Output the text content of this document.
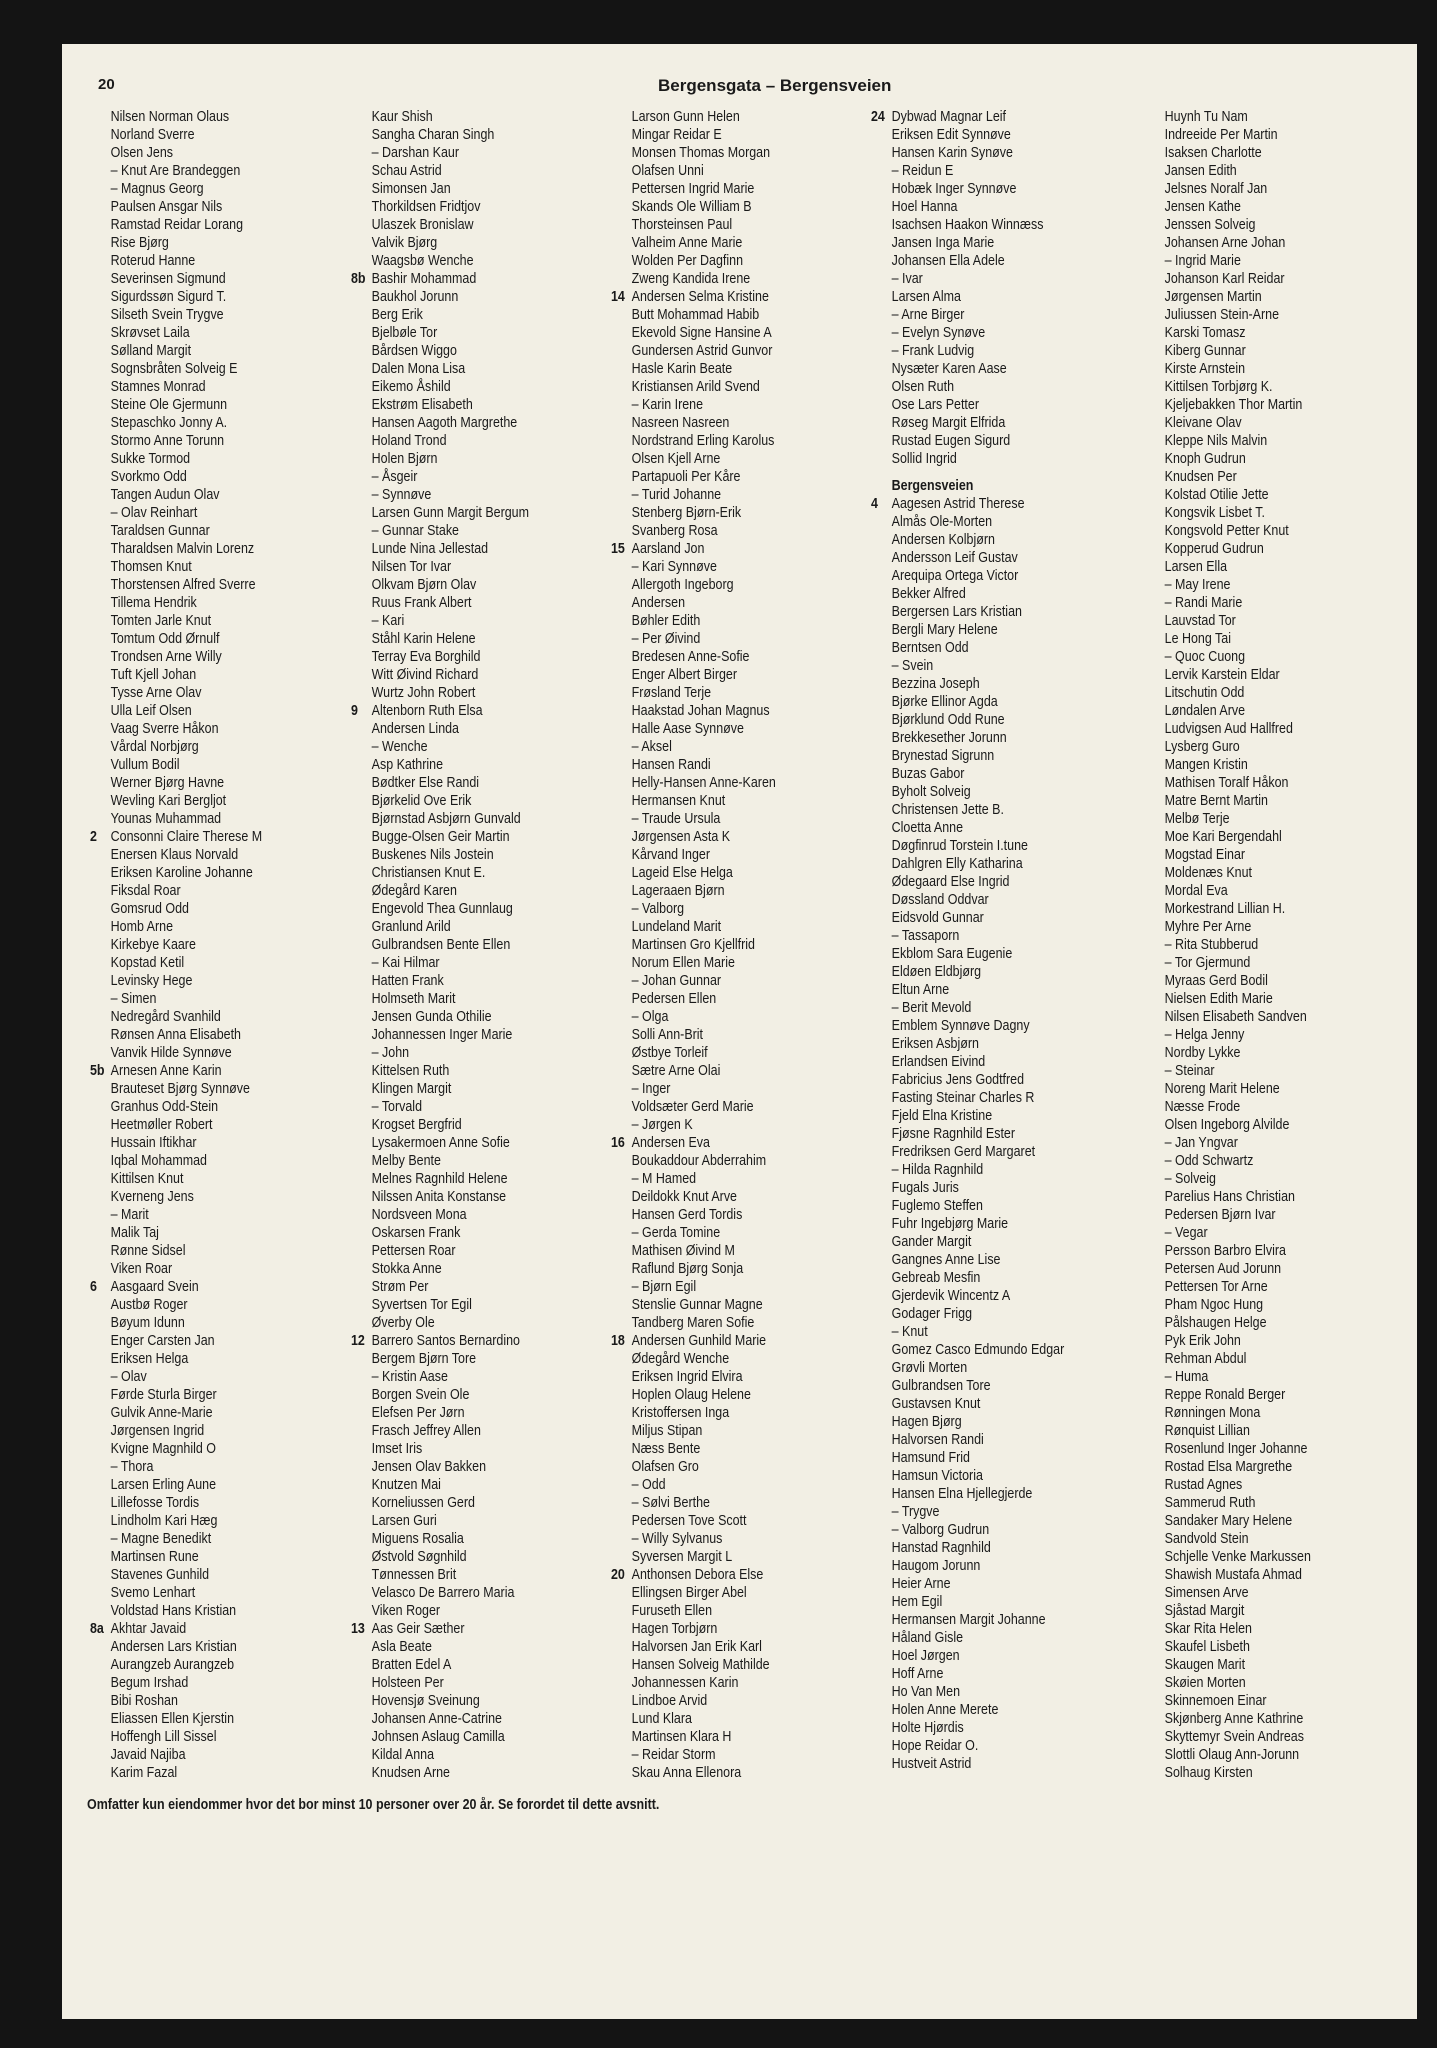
20	Bergensgata – Bergensveien
Nilsen Norman Olaus
Norland Sverre
Olsen Jens
– Knut Are Brandeggen
– Magnus Georg
Paulsen Ansgar Nils
Ramstad Reidar Lorang
Rise Bjørg
Roterud Hanne
Severinsen Sigmund
Sigurdssøn Sigurd T.
Silseth Svein Trygve
Skrøvset Laila
Sølland Margit
Sognsbråten Solveig E
Stamnes Monrad
Steine Ole Gjermunn
Stepaschko Jonny A.
Stormo Anne Torunn
Sukke Tormod
Svorkmo Odd
Tangen Audun Olav
– Olav Reinhart
Taraldsen Gunnar
Tharaldsen Malvin Lorenz
Thomsen Knut
Thorstensen Alfred Sverre
Tillema Hendrik
Tomten Jarle Knut
Tomtum Odd Ørnulf
Trondsen Arne Willy
Tuft Kjell Johan
Tysse Arne Olav
Ulla Leif Olsen
Vaag Sverre Håkon
Vårdal Norbjørg
Vullum Bodil
Werner Bjørg Havne
Wevling Kari Bergljot
Younas Muhammad
2 Consonni Claire Therese M
Enersen Klaus Norvald
Eriksen Karoline Johanne
Fiksdal Roar
Gomsrud Odd
Homb Arne
Kirkebye Kaare
Kopstad Ketil
Levinsky Hege
– Simen
Nedregård Svanhild
Rønsen Anna Elisabeth
Vanvik Hilde Synnøve
5b Arnesen Anne Karin
Brauteset Bjørg Synnøve
Granhus Odd-Stein
Heetmøller Robert
Hussain Iftikhar
Iqbal Mohammad
Kittilsen Knut
Kverneng Jens
– Marit
Malik Taj
Rønne Sidsel
Viken Roar
6 Aasgaard Svein
Austbø Roger
Bøyum Idunn
Enger Carsten Jan
Eriksen Helga
– Olav
Førde Sturla Birger
Gulvik Anne-Marie
Jørgensen Ingrid
Kvigne Magnhild O
– Thora
Larsen Erling Aune
Lillefosse Tordis
Lindholm Kari Hæg
– Magne Benedikt
Martinsen Rune
Stavenes Gunhild
Svemo Lenhart
Voldstad Hans Kristian
8a Akhtar Javaid
Andersen Lars Kristian
Aurangzeb Aurangzeb
Begum Irshad
Bibi Roshan
Eliassen Ellen Kjerstin
Hoffengh Lill Sissel
Javaid Najiba
Karim Fazal
Kaur Shish
Sangha Charan Singh
– Darshan Kaur
Schau Astrid
Simonsen Jan
Thorkildsen Fridtjov
Ulaszek Bronislaw
Valvik Bjørg
Waagsbø Wenche
8b Bashir Mohammad
Baukhol Jorunn
Berg Erik
Bjelbøle Tor
Bårdsen Wiggo
Dalen Mona Lisa
Eikemo Åshild
Ekstrøm Elisabeth
Hansen Aagoth Margrethe
Holand Trond
Holen Bjørn
– Åsgeir
– Synnøve
Larsen Gunn Margit Bergum
– Gunnar Stake
Lunde Nina Jellestad
Nilsen Tor Ivar
Olkvam Bjørn Olav
Ruus Frank Albert
– Kari
Ståhl Karin Helene
Terray Eva Borghild
Witt Øivind Richard
Wurtz John Robert
9 Altenborn Ruth Elsa
Andersen Linda
– Wenche
Asp Kathrine
Bødtker Else Randi
Bjørkelid Ove Erik
Bjørnstad Asbjørn Gunvald
Bugge-Olsen Geir Martin
Buskenes Nils Jostein
Christiansen Knut E.
Ødegård Karen
Engevold Thea Gunnlaug
Granlund Arild
Gulbrandsen Bente Ellen
– Kai Hilmar
Hatten Frank
Holmseth Marit
Jensen Gunda Othilie
Johannessen Inger Marie
– John
Kittelsen Ruth
Klingen Margit
– Torvald
Krogset Bergfrid
Lysakermoen Anne Sofie
Melby Bente
Melnes Ragnhild Helene
Nilssen Anita Konstanse
Nordsveen Mona
Oskarsen Frank
Pettersen Roar
Stokka Anne
Strøm Per
Syvertsen Tor Egil
Øverby Ole
12 Barrero Santos Bernardino
Bergem Bjørn Tore
– Kristin Aase
Borgen Svein Ole
Elefsen Per Jørn
Frasch Jeffrey Allen
Imset Iris
Jensen Olav Bakken
Knutzen Mai
Korneliussen Gerd
Larsen Guri
Miguens Rosalia
Østvold Søgnhild
Tønnessen Brit
Velasco De Barrero Maria
Viken Roger
13 Aas Geir Sæther
Asla Beate
Bratten Edel A
Holsteen Per
Hovensjø Sveinung
Johansen Anne-Catrine
Johnsen Aslaug Camilla
Kildal Anna
Knudsen Arne
Larson Gunn Helen
Mingar Reidar E
Monsen Thomas Morgan
Olafsen Unni
Pettersen Ingrid Marie
Skands Ole William B
Thorsteinsen Paul
Valheim Anne Marie
Wolden Per Dagfinn
Zweng Kandida Irene
14 Andersen Selma Kristine
Butt Mohammad Habib
Ekevold Signe Hansine A
Gundersen Astrid Gunvor
Hasle Karin Beate
Kristiansen Arild Svend
– Karin Irene
Nasreen Nasreen
Nordstrand Erling Karolus
Olsen Kjell Arne
Partapuoli Per Kåre
– Turid Johanne
Stenberg Bjørn-Erik
Svanberg Rosa
15 Aarsland Jon
– Kari Synnøve
Allergoth Ingeborg
Andersen
Bøhler Edith
– Per Øivind
Bredesen Anne-Sofie
Enger Albert Birger
Frøsland Terje
Haakstad Johan Magnus
Halle Aase Synnøve
– Aksel
Hansen Randi
Helly-Hansen Anne-Karen
Hermansen Knut
– Traude Ursula
Jørgensen Asta K
Kårvand Inger
Lageid Else Helga
Lageraaen Bjørn
– Valborg
Lundeland Marit
Martinsen Gro Kjellfrid
Norum Ellen Marie
– Johan Gunnar
Pedersen Ellen
– Olga
Solli Ann-Brit
Østbye Torleif
Sætre Arne Olai
– Inger
Voldsæter Gerd Marie
– Jørgen K
16 Andersen Eva
Boukaddour Abderrahim
– M Hamed
Deildokk Knut Arve
Hansen Gerd Tordis
– Gerda Tomine
Mathisen Øivind M
Raflund Bjørg Sonja
– Bjørn Egil
Stenslie Gunnar Magne
Tandberg Maren Sofie
18 Andersen Gunhild Marie
Ødegård Wenche
Eriksen Ingrid Elvira
Hoplen Olaug Helene
Kristoffersen Inga
Miljus Stipan
Næss Bente
Olafsen Gro
– Odd
– Sølvi Berthe
Pedersen Tove Scott
– Willy Sylvanus
Syversen Margit L
20 Anthonsen Debora Else
Ellingsen Birger Abel
Furuseth Ellen
Hagen Torbjørn
Halvorsen Jan Erik Karl
Hansen Solveig Mathilde
Johannessen Karin
Lindboe Arvid
Lund Klara
Martinsen Klara H
– Reidar Storm
Skau Anna Ellenora
24 Dybwad Magnar Leif
Eriksen Edit Synnøve
Hansen Karin Synøve
– Reidun E
Hobæk Inger Synnøve
Hoel Hanna
Isachsen Haakon Winnæss
Jansen Inga Marie
Johansen Ella Adele
– Ivar
Larsen Alma
– Arne Birger
– Evelyn Synøve
– Frank Ludvig
Nysæter Karen Aase
Olsen Ruth
Ose Lars Petter
Røseg Margit Elfrida
Rustad Eugen Sigurd
Sollid Ingrid
Bergensveien
4 Aagesen Astrid Therese
Almås Ole-Morten
Andersen Kolbjørn
Andersson Leif Gustav
Arequipa Ortega Victor
Bekker Alfred
Bergersen Lars Kristian
Bergli Mary Helene
Berntsen Odd
– Svein
Bezzina Joseph
Bjørke Ellinor Agda
Bjørklund Odd Rune
Brekkesether Jorunn
Brynestad Sigrunn
Buzas Gabor
Byholt Solveig
Christensen Jette B.
Cloetta Anne
Døgfinrud Torstein I.tune
Dahlgren Elly Katharina
Ødegaard Else Ingrid
Døssland Oddvar
Eidsvold Gunnar
– Tassaporn
Ekblom Sara Eugenie
Eldøen Eldbjørg
Eltun Arne
– Berit Mevold
Emblem Synnøve Dagny
Eriksen Asbjørn
Erlandsen Eivind
Fabricius Jens Godtfred
Fasting Steinar Charles R
Fjeld Elna Kristine
Fjøsne Ragnhild Ester
Fredriksen Gerd Margaret
– Hilda Ragnhild
Fugals Juris
Fuglemo Steffen
Fuhr Ingebjørg Marie
Gander Margit
Gangnes Anne Lise
Gebreab Mesfin
Gjerdevik Wincentz A
Godager Frigg
– Knut
Gomez Casco Edmundo Edgar
Grøvli Morten
Gulbrandsen Tore
Gustavsen Knut
Hagen Bjørg
Halvorsen Randi
Hamsund Frid
Hamsun Victoria
Hansen Elna Hjellegjerde
– Trygve
– Valborg Gudrun
Hanstad Ragnhild
Haugom Jorunn
Heier Arne
Hem Egil
Hermansen Margit Johanne
Håland Gisle
Hoel Jørgen
Hoff Arne
Ho Van Men
Holen Anne Merete
Holte Hjørdis
Hope Reidar O.
Hustveit Astrid
Huynh Tu Nam
Indreeide Per Martin
Isaksen Charlotte
Jansen Edith
Jelsnes Noralf Jan
Jensen Kathe
Jenssen Solveig
Johansen Arne Johan
– Ingrid Marie
Johanson Karl Reidar
Jørgensen Martin
Juliussen Stein-Arne
Karski Tomasz
Kiberg Gunnar
Kirste Arnstein
Kittilsen Torbjørg K.
Kjeljebakken Thor Martin
Kleivane Olav
Kleppe Nils Malvin
Knoph Gudrun
Knudsen Per
Kolstad Otilie Jette
Kongsvik Lisbet T.
Kongsvold Petter Knut
Kopperud Gudrun
Larsen Ella
– May Irene
– Randi Marie
Lauvstad Tor
Le Hong Tai
– Quoc Cuong
Lervik Karstein Eldar
Litschutin Odd
Løndalen Arve
Ludvigsen Aud Hallfred
Lysberg Guro
Mangen Kristin
Mathisen Toralf Håkon
Matre Bernt Martin
Melbø Terje
Moe Kari Bergendahl
Mogstad Einar
Moldenæs Knut
Mordal Eva
Morkestrand Lillian H.
Myhre Per Arne
– Rita Stubberud
– Tor Gjermund
Myraas Gerd Bodil
Nielsen Edith Marie
Nilsen Elisabeth Sandven
– Helga Jenny
Nordby Lykke
– Steinar
Noreng Marit Helene
Næsse Frode
Olsen Ingeborg Alvilde
– Jan Yngvar
– Odd Schwartz
– Solveig
Parelius Hans Christian
Pedersen Bjørn Ivar
– Vegar
Persson Barbro Elvira
Petersen Aud Jorunn
Pettersen Tor Arne
Pham Ngoc Hung
Pålshaugen Helge
Pyk Erik John
Rehman Abdul
– Huma
Reppe Ronald Berger
Rønningen Mona
Rønquist Lillian
Rosenlund Inger Johanne
Rostad Elsa Margrethe
Rustad Agnes
Sammerud Ruth
Sandaker Mary Helene
Sandvold Stein
Schjelle Venke Markussen
Shawish Mustafa Ahmad
Simensen Arve
Sjåstad Margit
Skar Rita Helen
Skaufel Lisbeth
Skaugen Marit
Skøien Morten
Skinnemoen Einar
Skjønberg Anne Kathrine
Skyttemyr Svein Andreas
Slottli Olaug Ann-Jorunn
Solhaug Kirsten
Omfatter kun eiendommer hvor det bor minst 10 personer over 20 år. Se forordet til dette avsnitt.
